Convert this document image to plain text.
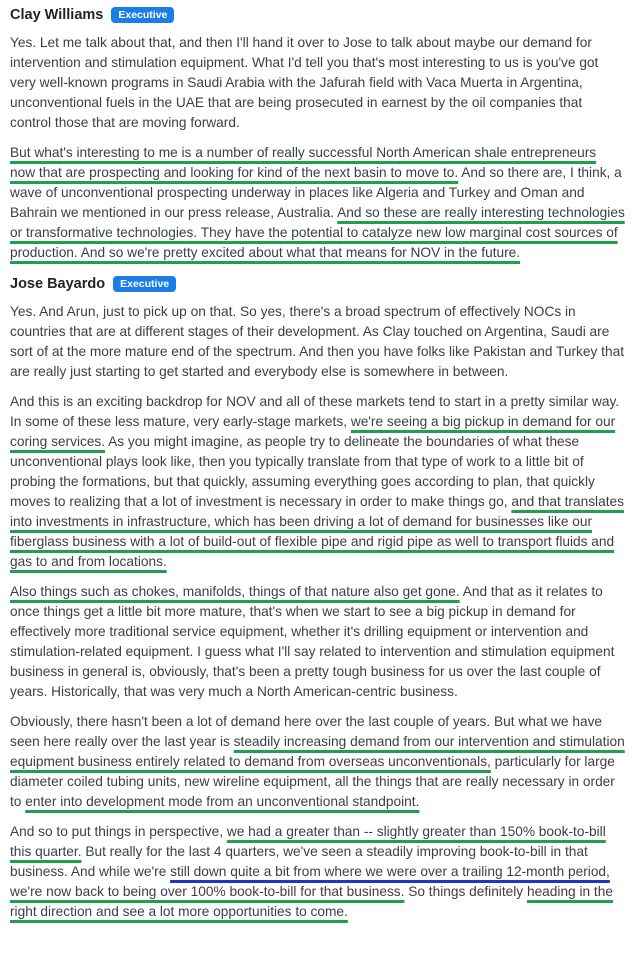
Clay Williams	Executive

Yes. Let me talk about that, and then I'll hand it over to Jose to talk about maybe our demand for intervention and stimulation equipment. What I'd tell you that's most interesting to us is you've got very well-known programs in Saudi Arabia with the Jafurah field with Vaca Muerta in Argentina, unconventional fuels in the UAE that are being prosecuted in earnest by the oil companies that control those that are moving forward.

But what's interesting to me is a number of really successful North American shale entrepreneurs now that are prospecting and looking for kind of the next basin to move to. And so there are, I think, a wave of unconventional prospecting underway in places like Algeria and Turkey and Oman and Bahrain we mentioned in our press release, Australia. And so these are really interesting technologies or transformative technologies. They have the potential to catalyze new low marginal cost sources of production. And so we're pretty excited about what that means for NOV in the future.

Jose Bayardo	Executive

Yes. And Arun, just to pick up on that. So yes, there's a broad spectrum of effectively NOCs in countries that are at different stages of their development. As Clay touched on Argentina, Saudi are sort of at the more mature end of the spectrum. And then you have folks like Pakistan and Turkey that are really just starting to get started and everybody else is somewhere in between.

And this is an exciting backdrop for NOV and all of these markets tend to start in a pretty similar way. In some of these less mature, very early-stage markets, we're seeing a big pickup in demand for our coring services. As you might imagine, as people try to delineate the boundaries of what these unconventional plays look like, then you typically translate from that type of work to a little bit of probing the formations, but that quickly, assuming everything goes according to plan, that quickly moves to realizing that a lot of investment is necessary in order to make things go, and that translates into investments in infrastructure, which has been driving a lot of demand for businesses like our fiberglass business with a lot of build-out of flexible pipe and rigid pipe as well to transport fluids and gas to and from locations.

Also things such as chokes, manifolds, things of that nature also get gone. And that as it relates to once things get a little bit more mature, that's when we start to see a big pickup in demand for effectively more traditional service equipment, whether it's drilling equipment or intervention and stimulation-related equipment. I guess what I'll say related to intervention and stimulation equipment business in general is, obviously, that's been a pretty tough business for us over the last couple of years. Historically, that was very much a North American-centric business.

Obviously, there hasn't been a lot of demand here over the last couple of years. But what we have seen here really over the last year is steadily increasing demand from our intervention and stimulation equipment business entirely related to demand from overseas unconventionals, particularly for large diameter coiled tubing units, new wireline equipment, all the things that are really necessary in order to enter into development mode from an unconventional standpoint.

And so to put things in perspective, we had a greater than -- slightly greater than 150% book-to-bill this quarter. But really for the last 4 quarters, we've seen a steadily improving book-to-bill in that business. And while we're still down quite a bit from where we were over a trailing 12-month period, we're now back to being over 100% book-to-bill for that business. So things definitely heading in the right direction and see a lot more opportunities to come.
